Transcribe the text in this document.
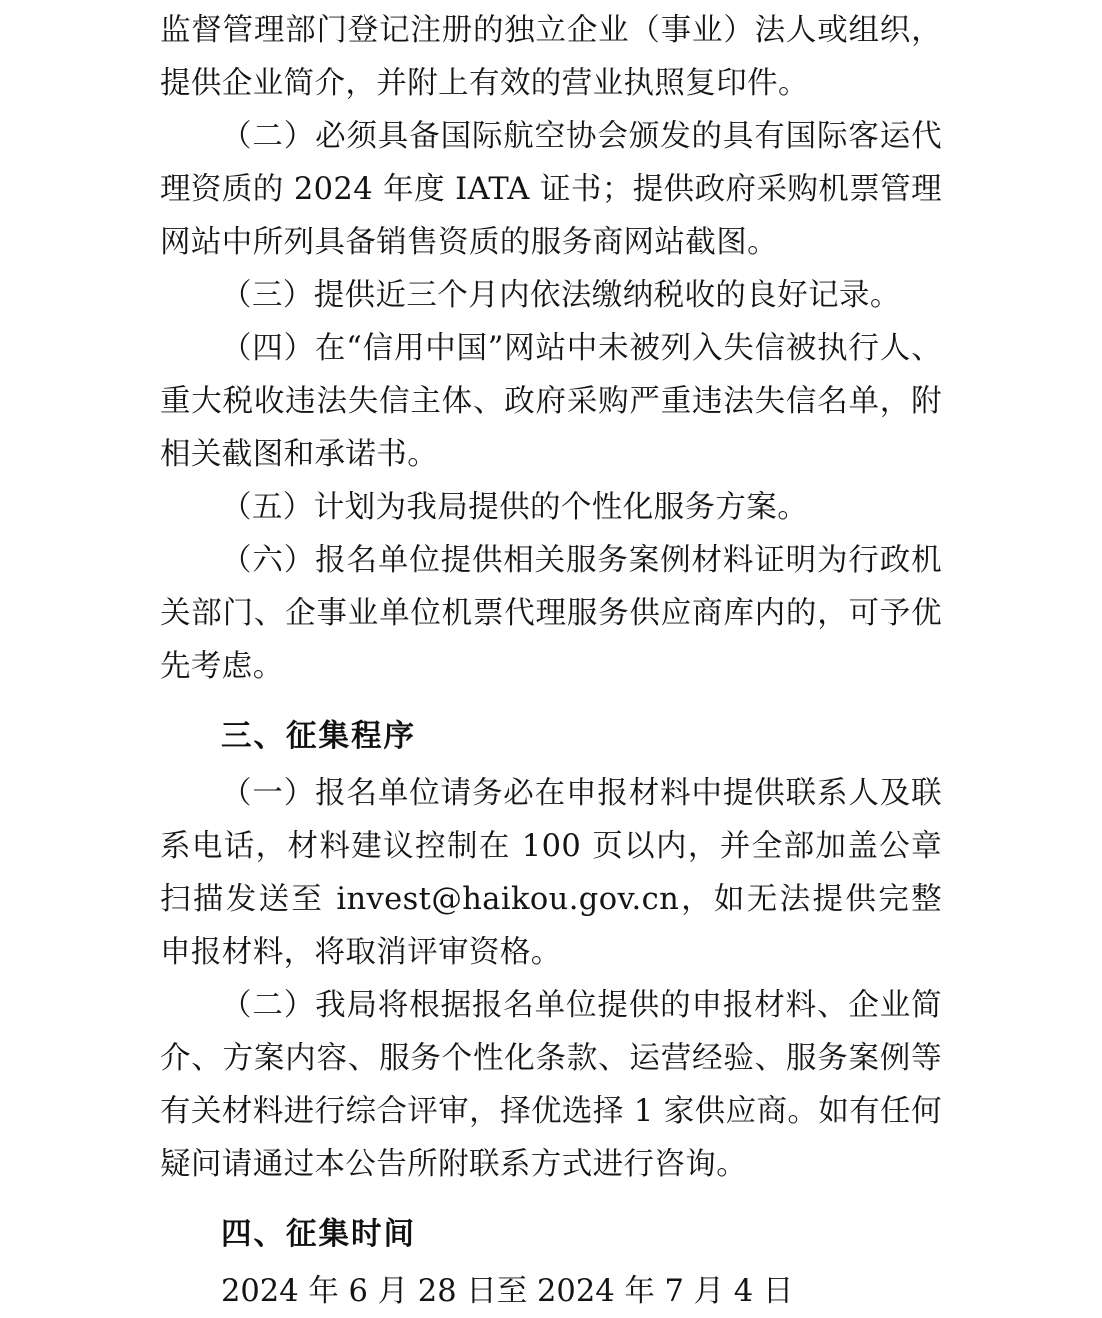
监督管理部门登记注册的独立企业（事业）法人或组织，提供企业简介，并附上有效的营业执照复印件。

（二）必须具备国际航空协会颁发的具有国际客运代理资质的 2024 年度 IATA 证书；提供政府采购机票管理网站中所列具备销售资质的服务商网站截图。

（三）提供近三个月内依法缴纳税收的良好记录。

（四）在“信用中国”网站中未被列入失信被执行人、重大税收违法失信主体、政府采购严重违法失信名单，附相关截图和承诺书。

（五）计划为我局提供的个性化服务方案。

（六）报名单位提供相关服务案例材料证明为行政机关部门、企事业单位机票代理服务供应商库内的，可予优先考虑。

三、征集程序

（一）报名单位请务必在申报材料中提供联系人及联系电话，材料建议控制在 100 页以内，并全部加盖公章扫描发送至 invest@haikou.gov.cn，如无法提供完整申报材料，将取消评审资格。

（二）我局将根据报名单位提供的申报材料、企业简介、方案内容、服务个性化条款、运营经验、服务案例等有关材料进行综合评审，择优选择 1 家供应商。如有任何疑问请通过本公告所附联系方式进行咨询。

四、征集时间

2024 年 6 月 28 日至 2024 年 7 月 4 日
